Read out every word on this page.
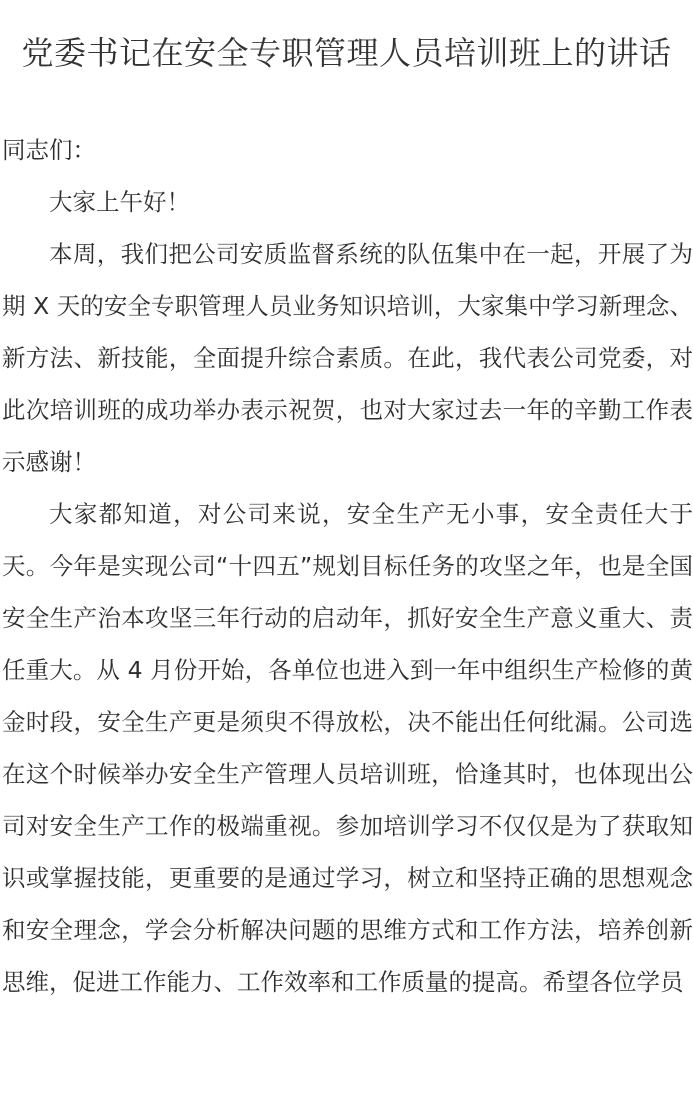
党委书记在安全专职管理人员培训班上的讲话

同志们：

大家上午好！

本周，我们把公司安质监督系统的队伍集中在一起，开展了为期 X 天的安全专职管理人员业务知识培训，大家集中学习新理念、新方法、新技能，全面提升综合素质。在此，我代表公司党委，对此次培训班的成功举办表示祝贺，也对大家过去一年的辛勤工作表示感谢！

大家都知道，对公司来说，安全生产无小事，安全责任大于天。今年是实现公司“十四五”规划目标任务的攻坚之年，也是全国安全生产治本攻坚三年行动的启动年，抓好安全生产意义重大、责任重大。从 4 月份开始，各单位也进入到一年中组织生产检修的黄金时段，安全生产更是须臾不得放松，决不能出任何纰漏。公司选在这个时候举办安全生产管理人员培训班，恰逢其时，也体现出公司对安全生产工作的极端重视。参加培训学习不仅仅是为了获取知识或掌握技能，更重要的是通过学习，树立和坚持正确的思想观念和安全理念，学会分析解决问题的思维方式和工作方法，培养创新思维，促进工作能力、工作效率和工作质量的提高。希望各位学员
